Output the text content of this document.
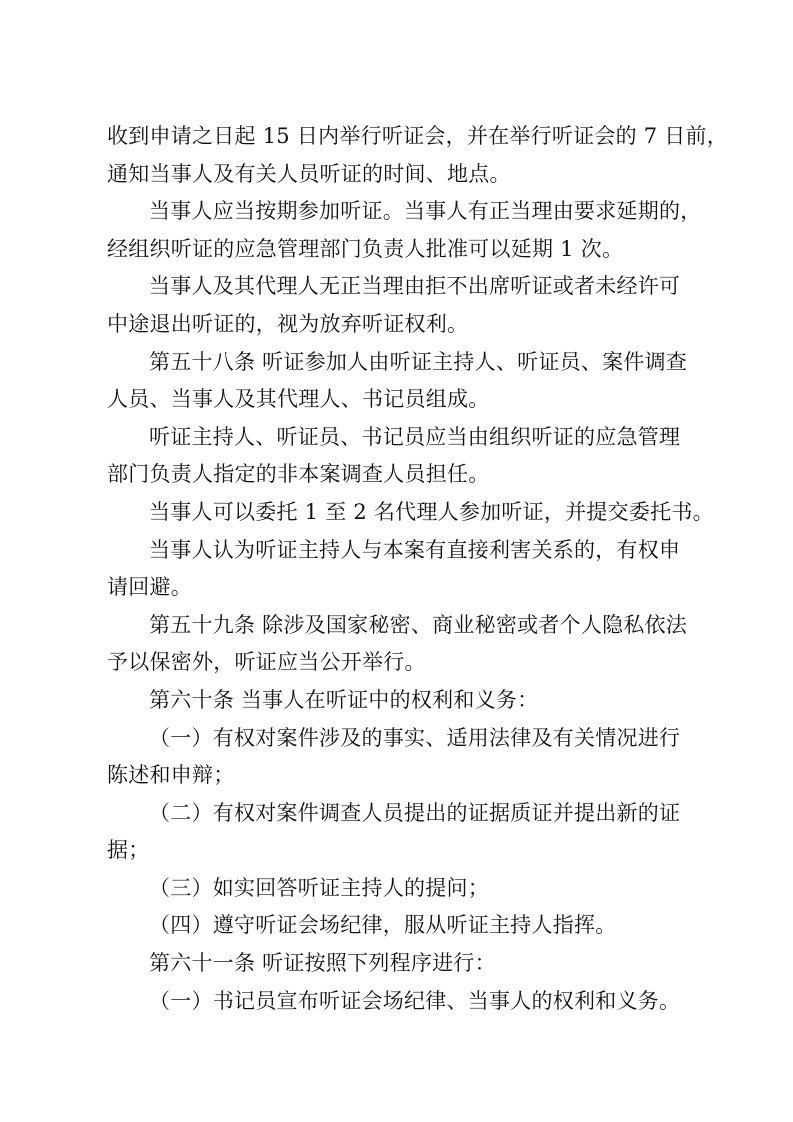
收到申请之日起 15 日内举行听证会，并在举行听证会的 7 日前，
通知当事人及有关人员听证的时间、地点。
当事人应当按期参加听证。当事人有正当理由要求延期的，
经组织听证的应急管理部门负责人批准可以延期 1 次。
当事人及其代理人无正当理由拒不出席听证或者未经许可
中途退出听证的，视为放弃听证权利。
第五十八条 听证参加人由听证主持人、听证员、案件调查
人员、当事人及其代理人、书记员组成。
听证主持人、听证员、书记员应当由组织听证的应急管理
部门负责人指定的非本案调查人员担任。
当事人可以委托 1 至 2 名代理人参加听证，并提交委托书。
当事人认为听证主持人与本案有直接利害关系的，有权申
请回避。
第五十九条 除涉及国家秘密、商业秘密或者个人隐私依法
予以保密外，听证应当公开举行。
第六十条 当事人在听证中的权利和义务：
（一）有权对案件涉及的事实、适用法律及有关情况进行
陈述和申辩；
（二）有权对案件调查人员提出的证据质证并提出新的证
据；
（三）如实回答听证主持人的提问；
（四）遵守听证会场纪律，服从听证主持人指挥。
第六十一条 听证按照下列程序进行：
（一）书记员宣布听证会场纪律、当事人的权利和义务。
